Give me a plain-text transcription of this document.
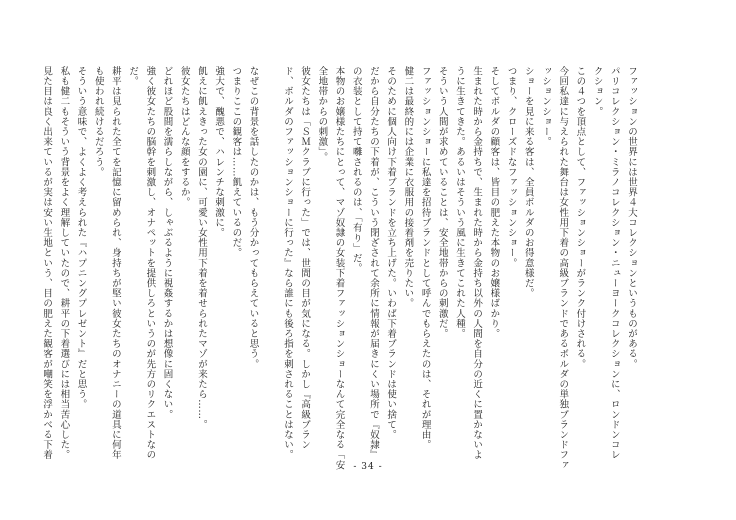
ファッションの世界には世界４大コレクションというものがある。
パリコレクション・ミラノコレクション・ニューヨークコレクションに、ロンドンコレ
クション。
この４つを頂点として、ファッションショーがランク付けされる。
今回私達に与えられた舞台は女性用下着の高級ブランドであるボルダの単独ブランドファ
ッションショー。
ショーを見に来る客は、全員ボルダのお得意様だ。
つまり、クローズドなファッションショー。
そしてボルダの顧客は、皆目の肥えた本物のお嬢様ばかり。
生まれた時から金持ちで、生まれた時から金持ち以外の人間を自分の近くに置かないよ
うに生きてきた。あるいはそういう風に生きてこれた人種。
そういう人間が求めていることは、安全地帯からの刺激だ。
ファッションショーに私達を招待ブランドとして呼んでもらえたのは、それが理由。
健二は最終的には企業に衣服用の接着剤を売りたい。
そのために個人向け下着ブランドを立ち上げた。いわば下着ブランドは使い捨て。
だから自分たちの下着が、こういう閉ざされて余所に情報が届きにくい場所で『奴隷』
の衣装として持て囃されるのは、「有り」だ。
本物のお嬢様たちにとって、マゾ奴隷の女装下着ファッションショーなんて完全なる「安
全地帯からの刺激」。
彼女たちは「ＳＭクラブに行った」では、世間の目が気になる。しかし『高級ブラン
ド、ボルダのファッションショーに行った』なら誰にも後ろ指を刺されることはない。
なぜこの背景を話したのかは、もう分かってもらえていると思う。
つまりここの観客は……飢えているのだ。
強大で、醜悪で、ハレンチな刺激に。
飢えに飢えきった女の園に、可愛い女性用下着を着せられたマゾが来たら……。
彼女たちはどんな顔をするか。
どれほど股間を濡らしながら、しゃぶるように視姦するかは想像に固くない。
強く彼女たちの脳幹を刺激し、オナペットを提供しろというのが先方のリクエストなの
だ。
耕平は見られた全てを記憶に留められ、身持ちが堅い彼女たちのオナニーの道具に何年
も使われ続けるだろう。
そういう意味で、よくよく考えられた『ハプニングプレゼント』だと思う。
私も健二もそういう背景をよく理解していたので、耕平の下着選びには相当苦心した。
見た目は良く出来ているが実は安い生地という、目の肥えた観客が嘲笑を浮かべる下着
- 34 -
